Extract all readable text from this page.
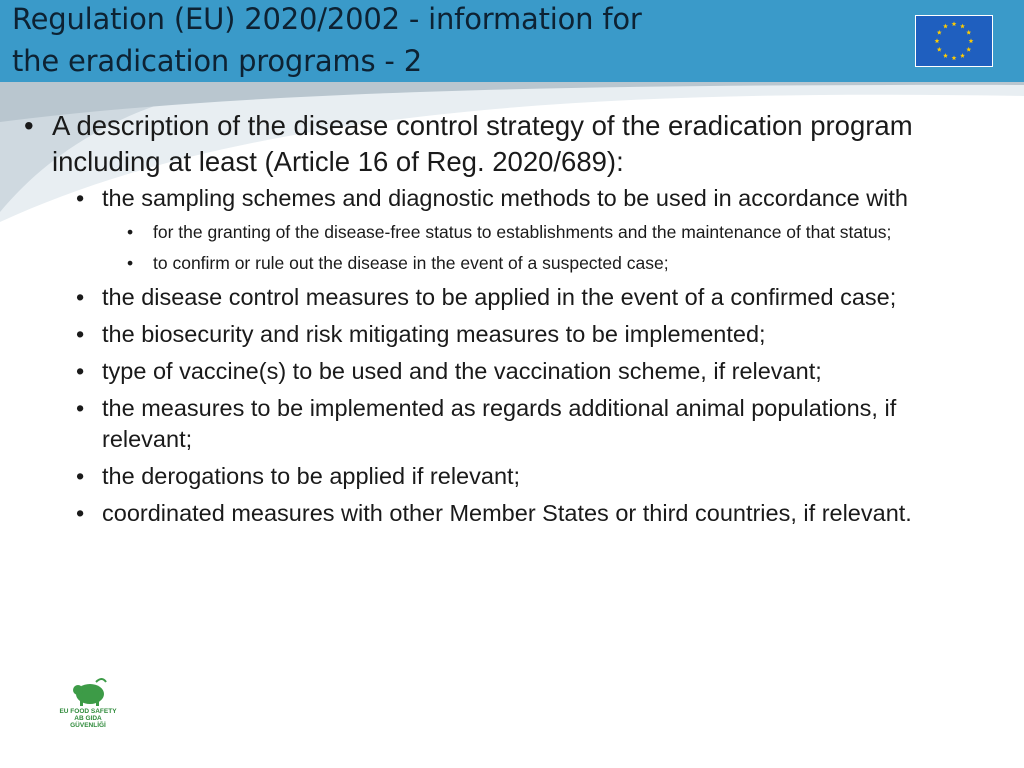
Regulation (EU) 2020/2002 - information for
the eradication programs - 2
• A description of the disease control strategy of the eradication program including at least (Article 16 of Reg. 2020/689):
• the sampling schemes and diagnostic methods to be used in accordance with
• for the granting of the disease-free status to establishments and the maintenance of that status;
• to confirm or rule out the disease in the event of a suspected case;
• the disease control measures to be applied in the event of a confirmed case;
• the biosecurity and risk mitigating measures to be implemented;
• type of vaccine(s) to be used and the vaccination scheme, if relevant;
• the measures to be implemented as regards additional animal populations, if relevant;
• the derogations to be applied if relevant;
• coordinated measures with other Member States or third countries, if relevant.
EU FOOD SAFETY
AB GIDA GÜVENLİĞİ
